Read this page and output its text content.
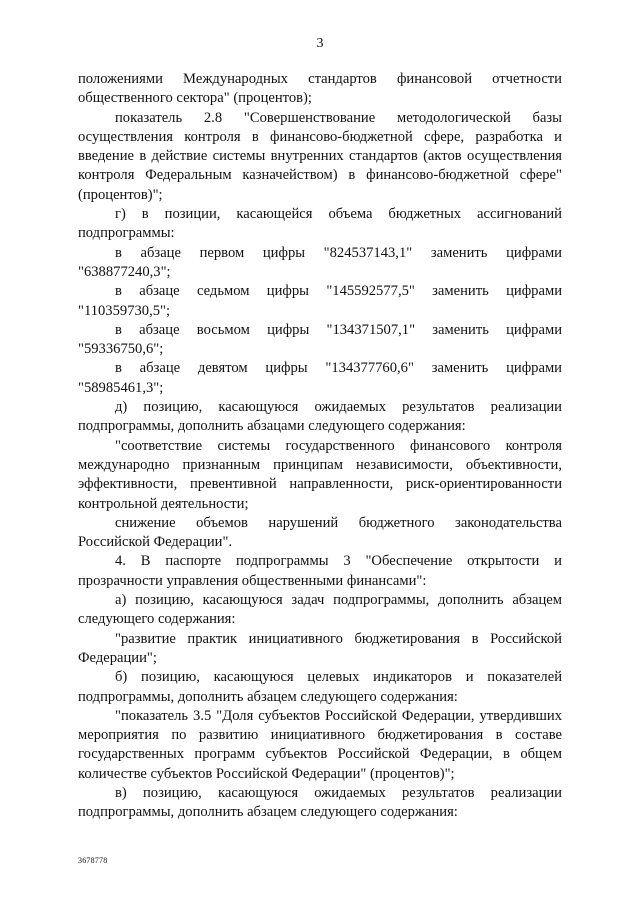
3

положениями Международных стандартов финансовой отчетности общественного сектора" (процентов);

показатель 2.8 "Совершенствование методологической базы осуществления контроля в финансово-бюджетной сфере, разработка и введение в действие системы внутренних стандартов (актов осуществления контроля Федеральным казначейством) в финансово-бюджетной сфере" (процентов)";

г) в позиции, касающейся объема бюджетных ассигнований подпрограммы:

в абзаце первом цифры "824537143,1" заменить цифрами "638877240,3";

в абзаце седьмом цифры "145592577,5" заменить цифрами "110359730,5";

в абзаце восьмом цифры "134371507,1" заменить цифрами "59336750,6";

в абзаце девятом цифры "134377760,6" заменить цифрами "58985461,3";

д) позицию, касающуюся ожидаемых результатов реализации подпрограммы, дополнить абзацами следующего содержания:

"соответствие системы государственного финансового контроля международно признанным принципам независимости, объективности, эффективности, превентивной направленности, риск-ориентированности контрольной деятельности;

снижение объемов нарушений бюджетного законодательства Российской Федерации".

4. В паспорте подпрограммы 3 "Обеспечение открытости и прозрачности управления общественными финансами":

а) позицию, касающуюся задач подпрограммы, дополнить абзацем следующего содержания:

"развитие практик инициативного бюджетирования в Российской Федерации";

б) позицию, касающуюся целевых индикаторов и показателей подпрограммы, дополнить абзацем следующего содержания:

"показатель 3.5 "Доля субъектов Российской Федерации, утвердивших мероприятия по развитию инициативного бюджетирования в составе государственных программ субъектов Российской Федерации, в общем количестве субъектов Российской Федерации" (процентов)";

в) позицию, касающуюся ожидаемых результатов реализации подпрограммы, дополнить абзацем следующего содержания:

3678778
